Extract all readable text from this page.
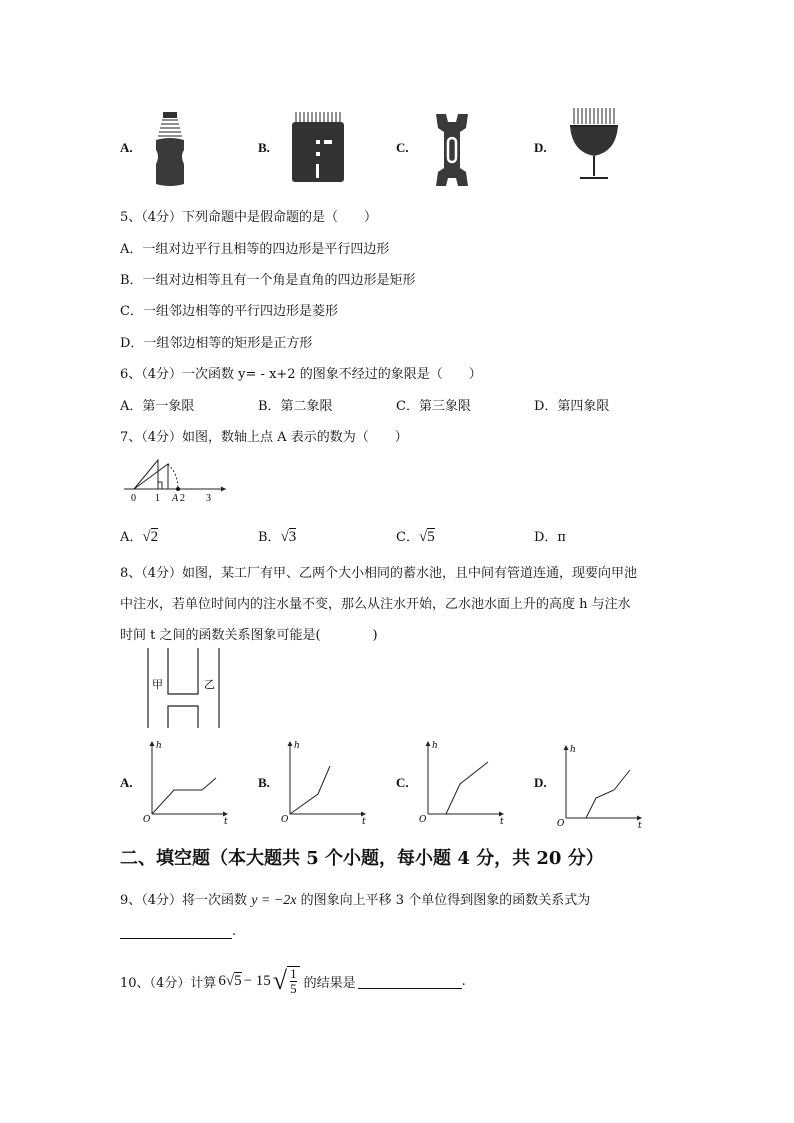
A.	B.	C.	D.
5、（4分）下列命题中是假命题的是（　　）
A．一组对边平行且相等的四边形是平行四边形
B．一组对边相等且有一个角是直角的四边形是矩形
C．一组邻边相等的平行四边形是菱形
D．一组邻边相等的矩形是正方形
6、（4分）一次函数 y= - x+2 的图象不经过的象限是（　　）
A．第一象限	B．第二象限	C．第三象限	D．第四象限
7、（4分）如图，数轴上点 A 表示的数为（　　）
0 1 A 2 3
A．√2	B．√3	C．√5	D．π
8、（4分）如图，某工厂有甲、乙两个大小相同的蓄水池，且中间有管道连通，现要向甲池
中注水，若单位时间内的注水量不变，那么从注水开始，乙水池水面上升的高度 h 与注水
时间 t 之间的函数关系图象可能是(　　　　)
甲	乙
A.
h
t
O
B.
h
t
O
C.
h
t
O
D.
h
t
O
二、填空题（本大题共 5 个小题，每小题 4 分，共 20 分）
9、（4分）将一次函数 y = −2x 的图象向上平移 3 个单位得到图象的函数关系式为
.
10、（4分）计算 6 √ 5 − 15 √ $\frac{1}{5}$ 的结果是	.
